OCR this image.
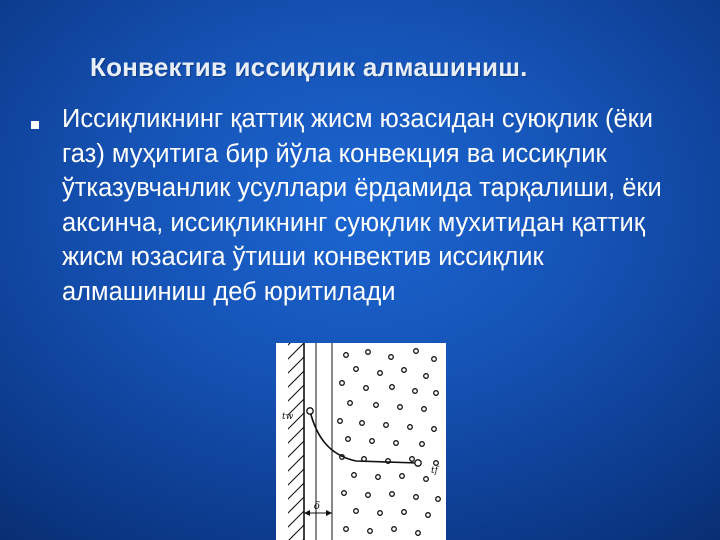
Конвектив иссиқлик алмашиниш.
Иссиқликнинг қаттиқ жисм юзасидан суюқлик (ёки газ) муҳитига бир йўла конвекция ва иссиқлик ўтказувчанлик усуллари ёрдамида тарқалиши, ёки аксинча, иссиқликнинг суюқлик мухитидан қаттиқ жисм юзасига ўтиши конвектив иссиқлик алмашиниш деб юритилади
tw
tf
δ
